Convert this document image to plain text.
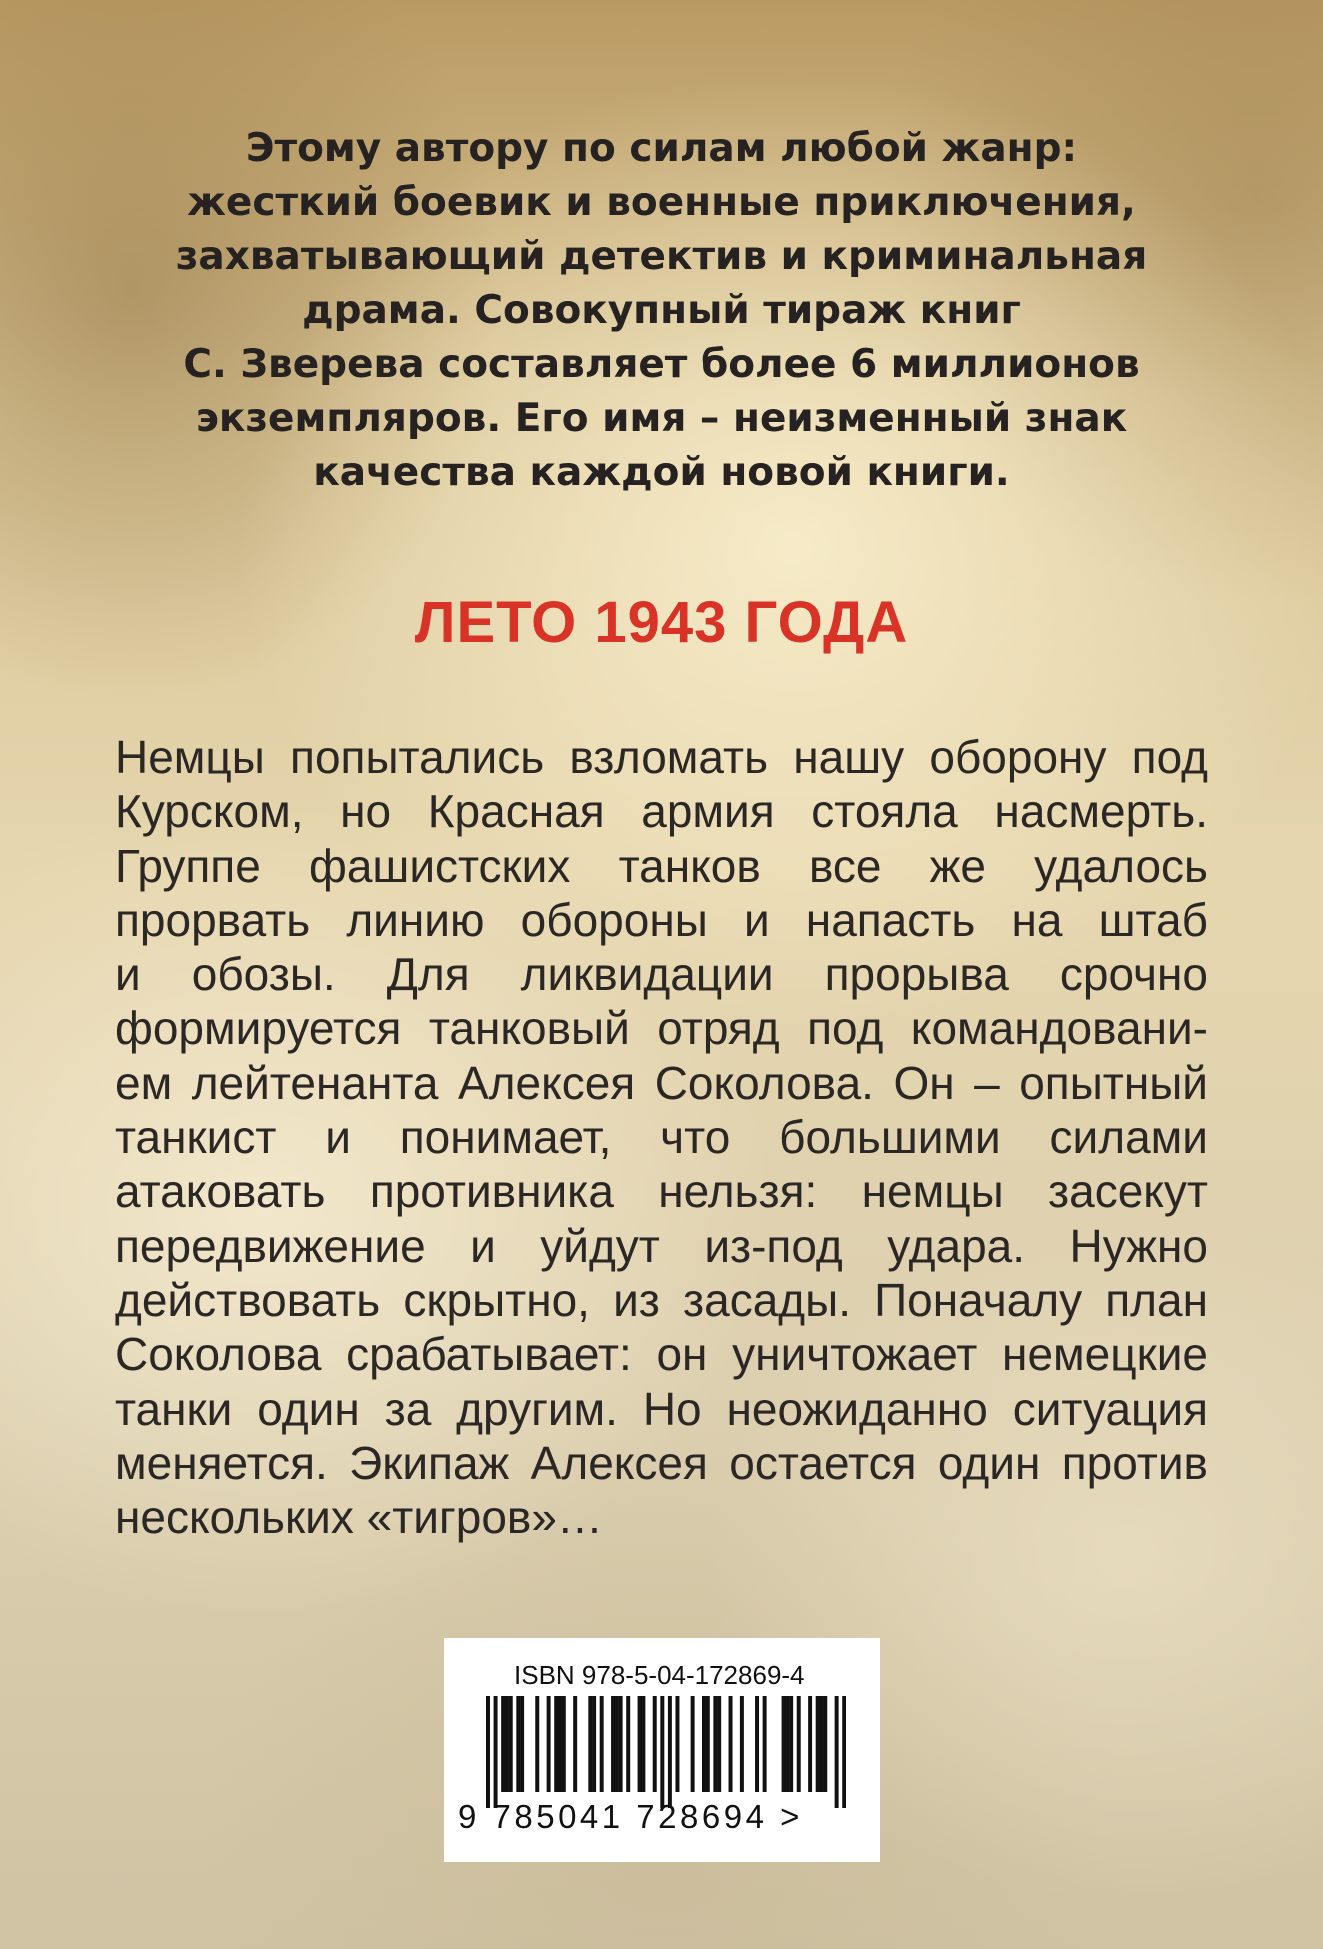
Этому автору по силам любой жанр:
жесткий боевик и военные приключения,
захватывающий детектив и криминальная
драма. Совокупный тираж книг
С. Зверева составляет более 6 миллионов
экземпляров. Его имя – неизменный знак
качества каждой новой книги.
ЛЕТО 1943 ГОДА
Немцы попытались взломать нашу оборону под
Курском, но Красная армия стояла насмерть.
Группе фашистских танков все же удалось
прорвать линию обороны и напасть на штаб
и обозы. Для ликвидации прорыва срочно
формируется танковый отряд под командовани-
ем лейтенанта Алексея Соколова. Он – опытный
танкист и понимает, что большими силами
атаковать противника нельзя: немцы засекут
передвижение и уйдут из-под удара. Нужно
действовать скрытно, из засады. Поначалу план
Соколова срабатывает: он уничтожает немецкие
танки один за другим. Но неожиданно ситуация
меняется. Экипаж Алексея остается один против
нескольких «тигров»…
ISBN 978-5-04-172869-4
9 785041 728694 >
